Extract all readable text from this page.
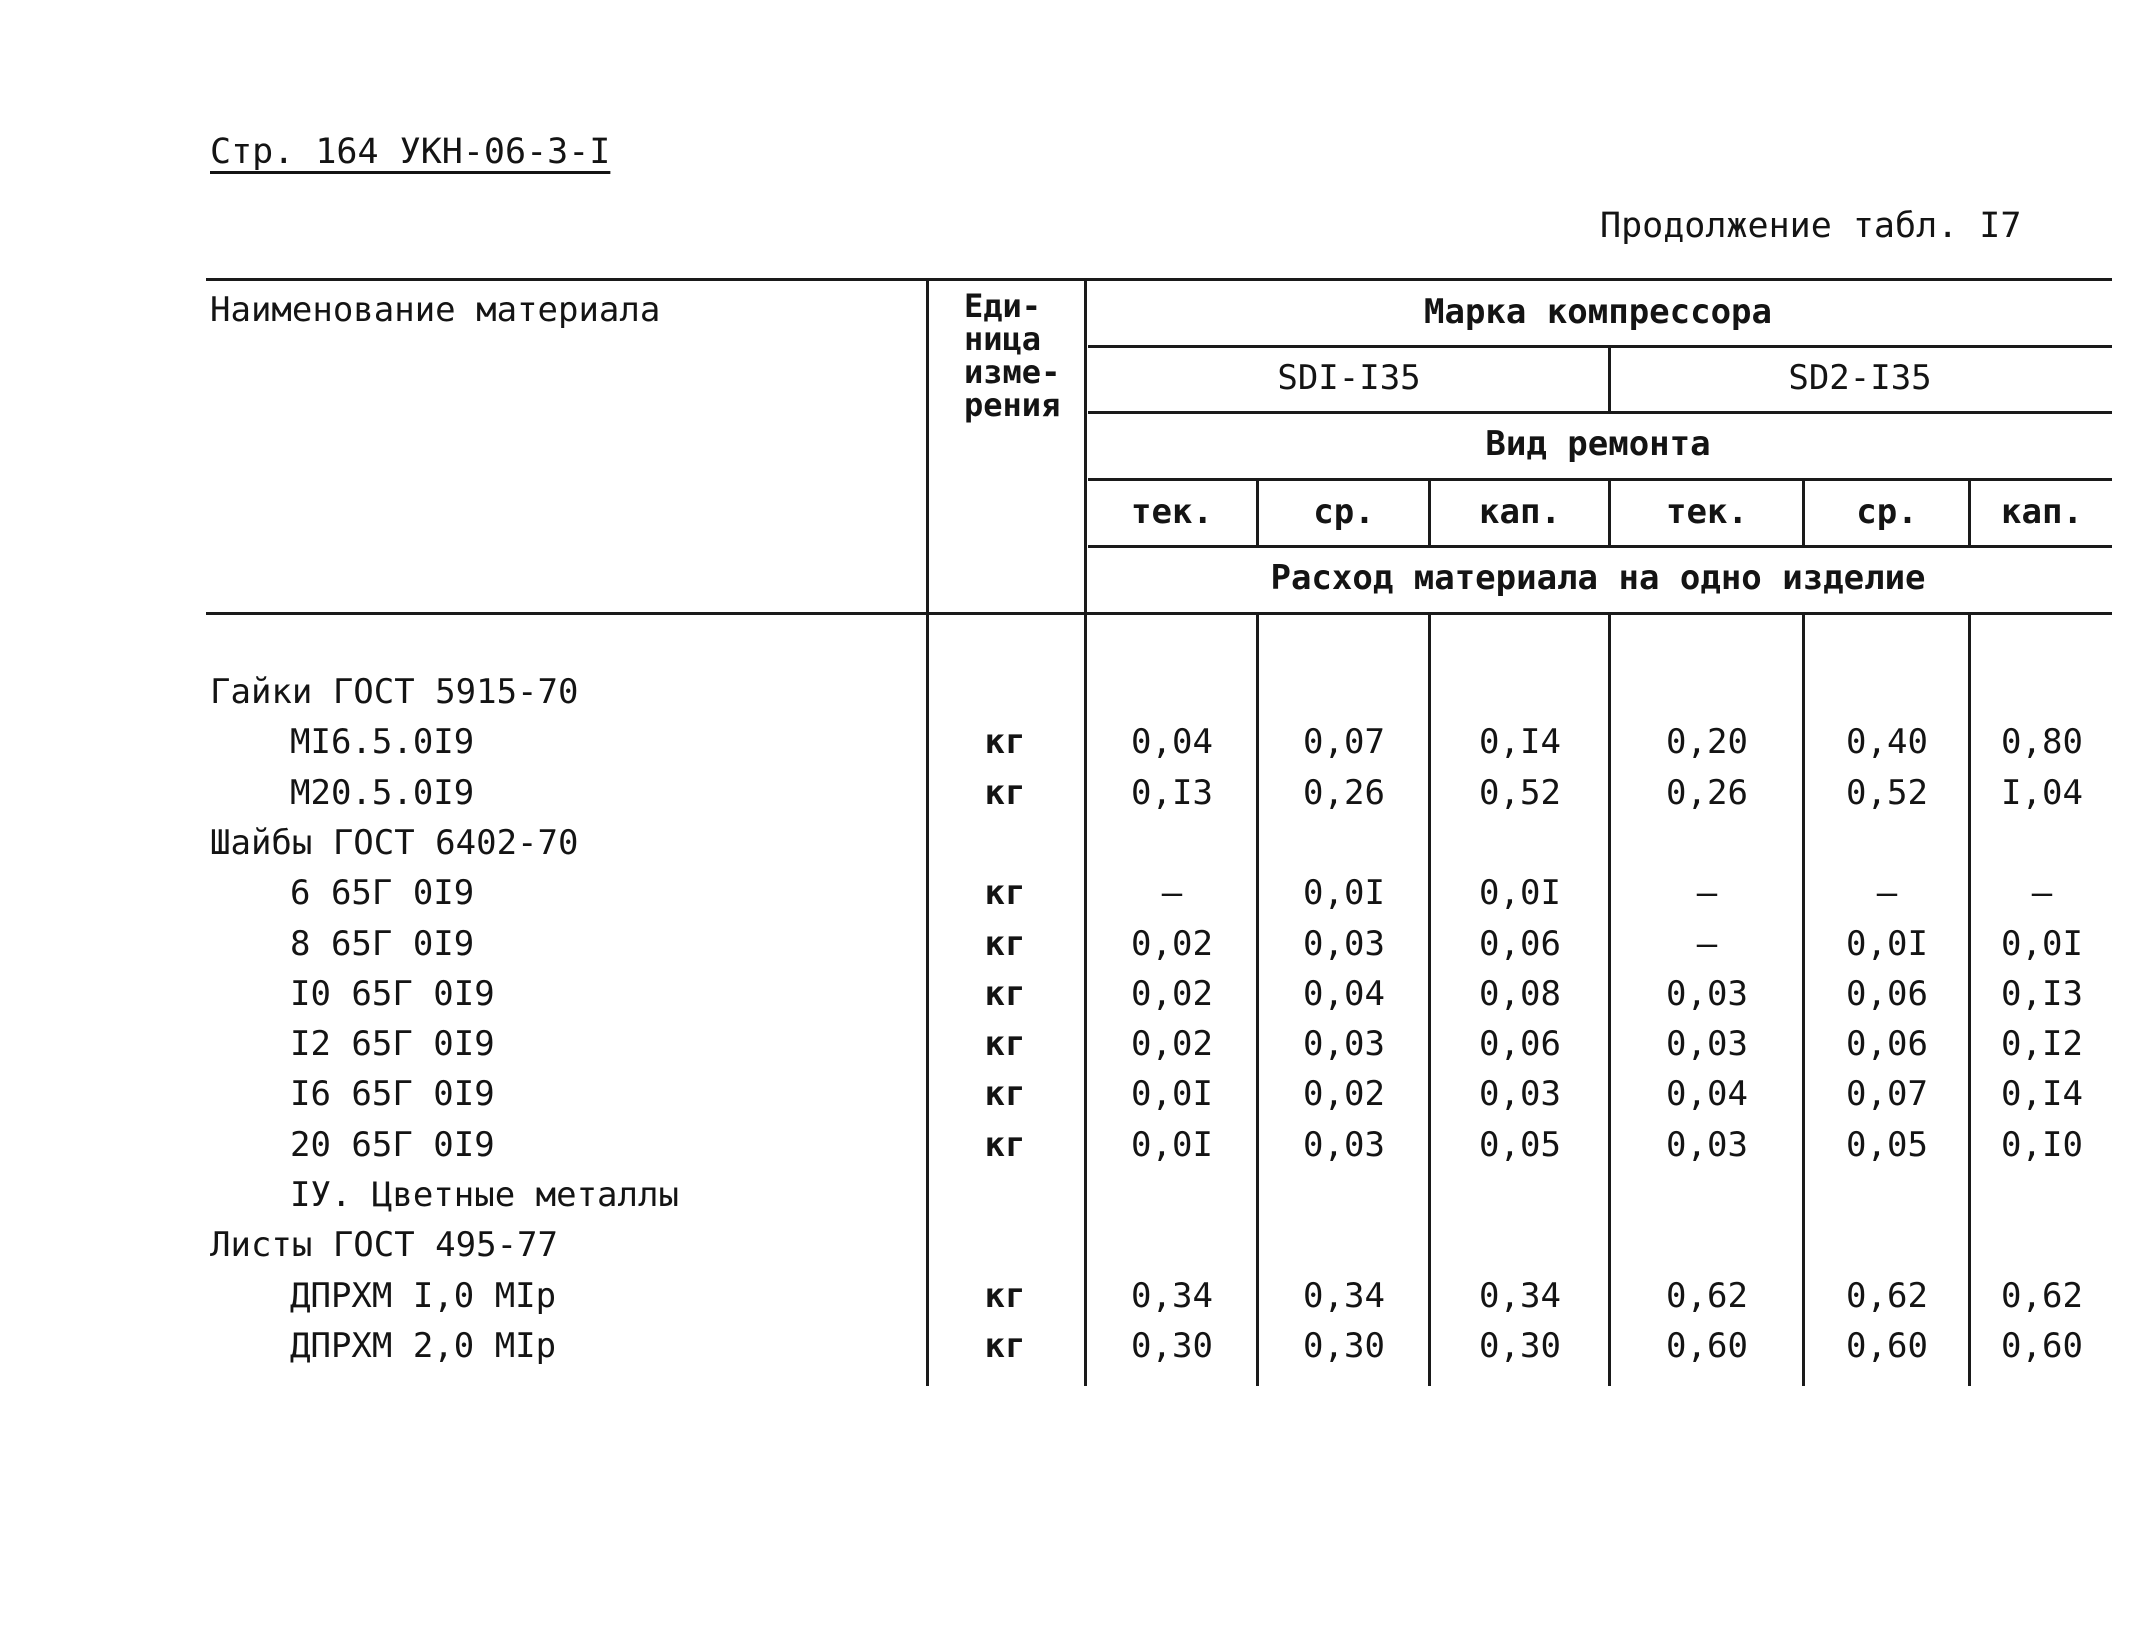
Стр. 164 УКН-06-3-I
Продолжение табл. I7
Наименование материала	Еди-
ница
изме-
рения
Марка компрессора
SDI-I35	SD2-I35
Вид ремонта
тек.	ср.	кап.	тек.	ср.	кап.
Расход материала на одно изделие
Гайки ГОСТ 5915-70
MI6.5.0I9	кг	0,04	0,07	0,I4	0,20	0,40	0,80
M20.5.0I9	кг	0,I3	0,26	0,52	0,26	0,52	I,04
Шайбы ГОСТ 6402-70
6 65Г 0I9	кг	–	0,0I	0,0I	–	–	–
8 65Г 0I9	кг	0,02	0,03	0,06	–	0,0I	0,0I
I0 65Г 0I9	кг	0,02	0,04	0,08	0,03	0,06	0,I3
I2 65Г 0I9	кг	0,02	0,03	0,06	0,03	0,06	0,I2
I6 65Г 0I9	кг	0,0I	0,02	0,03	0,04	0,07	0,I4
20 65Г 0I9	кг	0,0I	0,03	0,05	0,03	0,05	0,I0
IУ. Цветные металлы
Листы ГОСТ 495-77
ДПРХМ I,0 MIp	кг	0,34	0,34	0,34	0,62	0,62	0,62
ДПРХМ 2,0 MIp	кг	0,30	0,30	0,30	0,60	0,60	0,60
